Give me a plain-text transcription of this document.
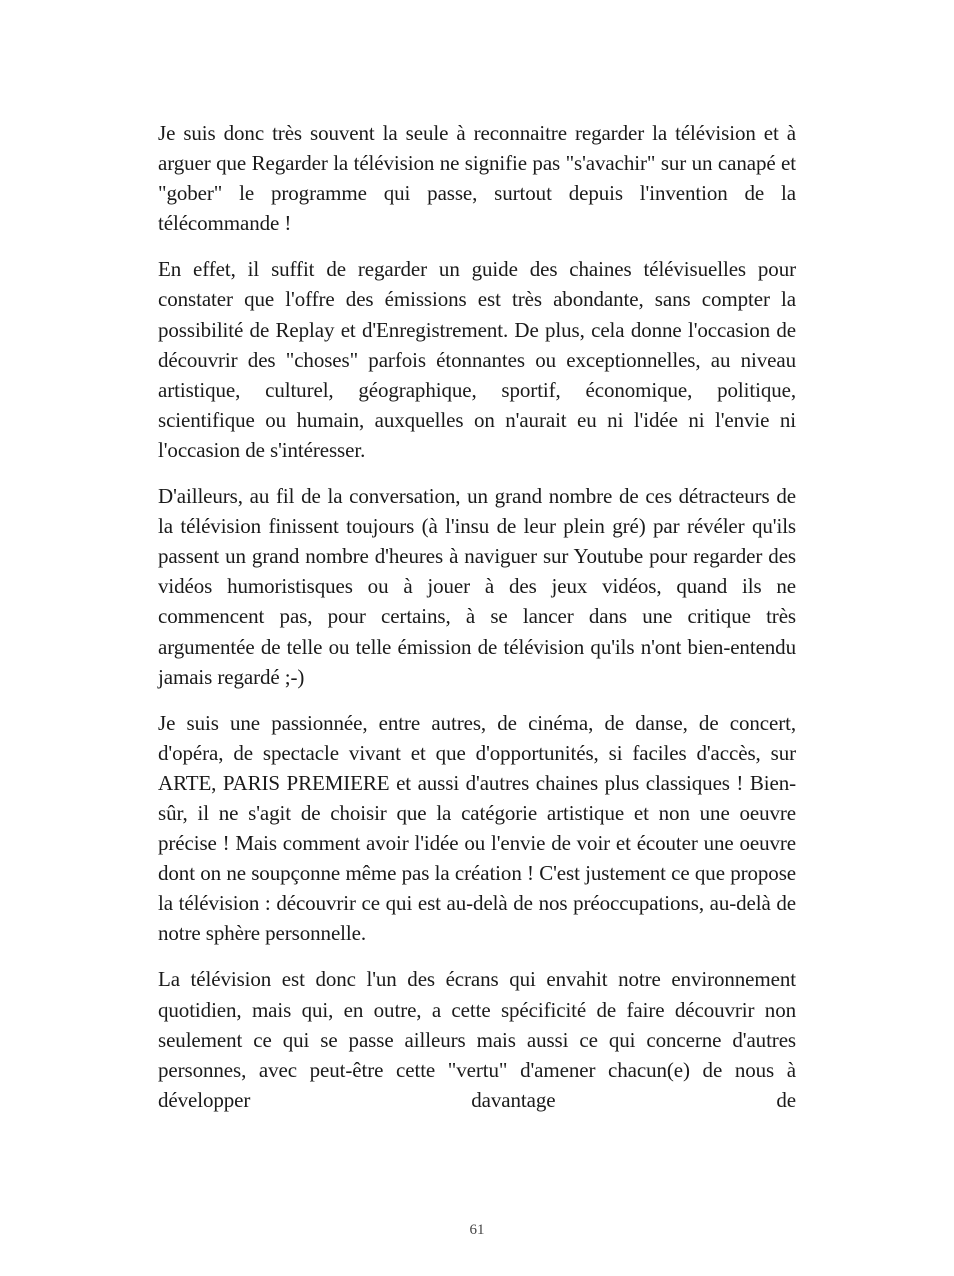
Je suis donc très souvent la seule à reconnaitre regarder la télévision et à arguer que Regarder la télévision ne signifie pas "s'avachir" sur un canapé et "gober" le programme qui passe, surtout depuis l'invention de la télécommande !

En effet, il suffit de regarder un guide des chaines télévisuelles pour constater que l'offre des émissions est très abondante, sans compter la possibilité de Replay et d'Enregistrement. De plus, cela donne l'occasion de découvrir des "choses" parfois étonnantes ou exceptionnelles, au niveau artistique, culturel, géographique, sportif, économique, politique, scientifique ou humain, auxquelles on n'aurait eu ni l'idée ni l'envie ni l'occasion de s'intéresser.

D'ailleurs, au fil de la conversation, un grand nombre de ces détracteurs de la télévision finissent toujours (à l'insu de leur plein gré) par révéler qu'ils passent un grand nombre d'heures à naviguer sur Youtube pour regarder des vidéos humoristisques ou à jouer à des jeux vidéos, quand ils ne commencent pas, pour certains, à se lancer dans une critique très argumentée de telle ou telle émission de télévision qu'ils n'ont bien-entendu jamais regardé ;-)

Je suis une passionnée, entre autres, de cinéma, de danse, de concert, d'opéra, de spectacle vivant et que d'opportunités, si faciles d'accès, sur ARTE, PARIS PREMIERE et aussi d'autres chaines plus classiques ! Bien-sûr, il ne s'agit de choisir que la catégorie artistique et non une oeuvre précise ! Mais comment avoir l'idée ou l'envie de voir et écouter une oeuvre dont on ne soupçonne même pas la création ! C'est justement ce que propose la télévision : découvrir ce qui est au-delà de nos préoccupations, au-delà de notre sphère personnelle.

La télévision est donc l'un des écrans qui envahit notre environnement quotidien, mais qui, en outre, a cette spécificité de faire découvrir non seulement ce qui se passe ailleurs mais aussi ce qui concerne d'autres personnes, avec peut-être cette "vertu" d'amener chacun(e) de nous à développer davantage de

61
